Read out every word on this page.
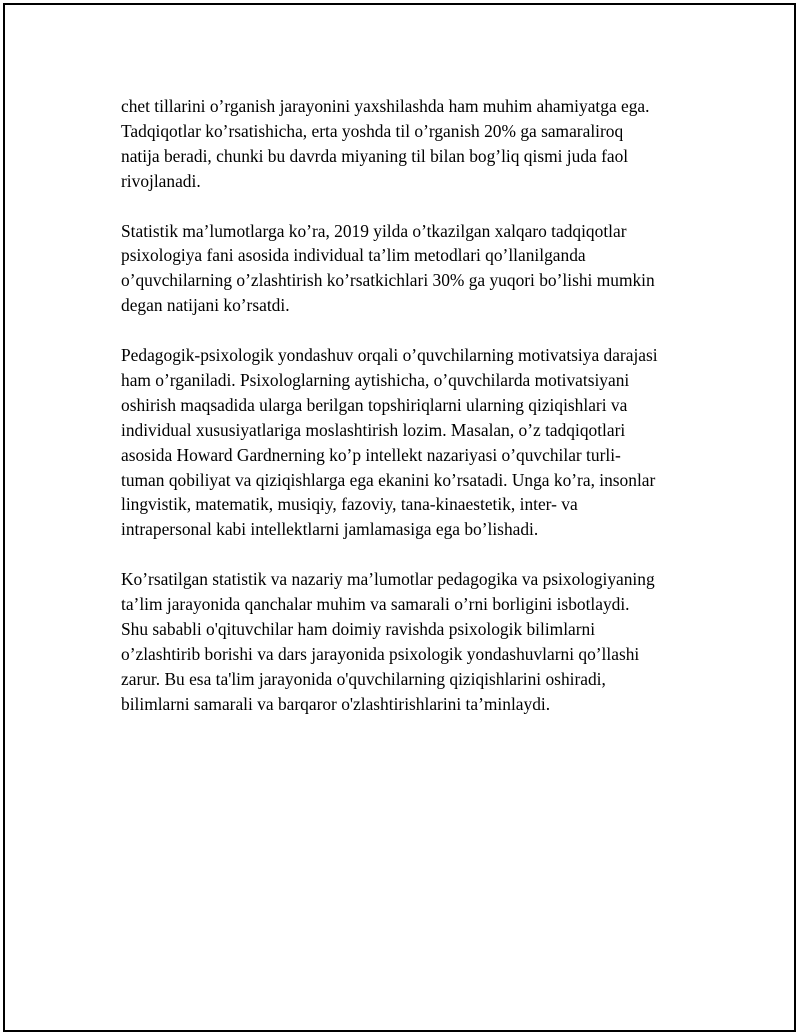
chet tillarini o’rganish jarayonini yaxshilashda ham muhim ahamiyatga ega.
Tadqiqotlar ko’rsatishicha, erta yoshda til o’rganish 20% ga samaraliroq
natija beradi, chunki bu davrda miyaning til bilan bog’liq qismi juda faol
rivojlanadi.
Statistik ma’lumotlarga ko’ra, 2019 yilda o’tkazilgan xalqaro tadqiqotlar
psixologiya fani asosida individual ta’lim metodlari qo’llanilganda
o’quvchilarning o’zlashtirish ko’rsatkichlari 30% ga yuqori bo’lishi mumkin
degan natijani ko’rsatdi.
Pedagogik-psixologik yondashuv orqali o’quvchilarning motivatsiya darajasi
ham o’rganiladi. Psixologlarning aytishicha, o’quvchilarda motivatsiyani
oshirish maqsadida ularga berilgan topshiriqlarni ularning qiziqishlari va
individual xususiyatlariga moslashtirish lozim. Masalan, o’z tadqiqotlari
asosida Howard Gardnerning ko’p intellekt nazariyasi o’quvchilar turli-
tuman qobiliyat va qiziqishlarga ega ekanini ko’rsatadi. Unga ko’ra, insonlar
lingvistik, matematik, musiqiy, fazoviy, tana-kinaestetik, inter- va
intrapersonal kabi intellektlarni jamlamasiga ega bo’lishadi.
Ko’rsatilgan statistik va nazariy ma’lumotlar pedagogika va psixologiyaning
ta’lim jarayonida qanchalar muhim va samarali o’rni borligini isbotlaydi.
Shu sababli o'qituvchilar ham doimiy ravishda psixologik bilimlarni
o’zlashtirib borishi va dars jarayonida psixologik yondashuvlarni qo’llashi
zarur. Bu esa ta'lim jarayonida o'quvchilarning qiziqishlarini oshiradi,
bilimlarni samarali va barqaror o'zlashtirishlarini ta’minlaydi.
